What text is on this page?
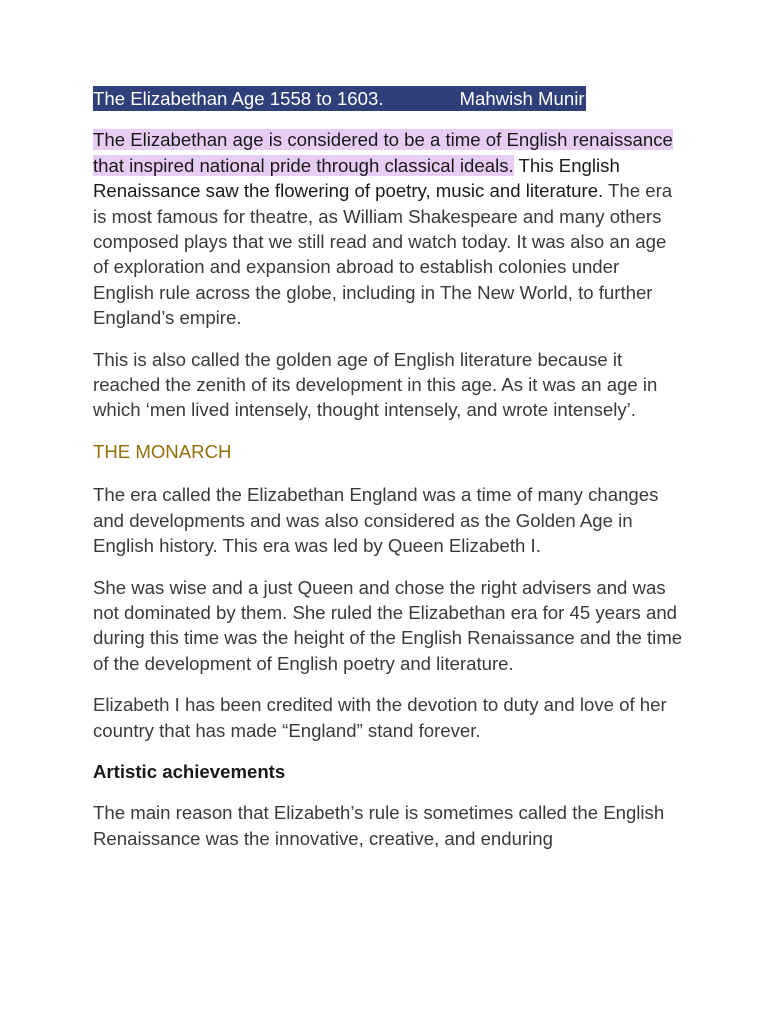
The Elizabethan Age 1558 to 1603.	Mahwish Munir

The Elizabethan age is considered to be a time of English renaissance that inspired national pride through classical ideals. This English Renaissance saw the flowering of poetry, music and literature. The era is most famous for theatre, as William Shakespeare and many others composed plays that we still read and watch today. It was also an age of exploration and expansion abroad to establish colonies under English rule across the globe, including in The New World, to further England’s empire.

This is also called the golden age of English literature because it reached the zenith of its development in this age. As it was an age in which ‘men lived intensely, thought intensely, and wrote intensely’.

THE MONARCH

The era called the Elizabethan England was a time of many changes and developments and was also considered as the Golden Age in English history. This era was led by Queen Elizabeth I.

She was wise and a just Queen and chose the right advisers and was not dominated by them. She ruled the Elizabethan era for 45 years and during this time was the height of the English Renaissance and the time of the development of English poetry and literature.

Elizabeth I has been credited with the devotion to duty and love of her country that has made “England” stand forever.

Artistic achievements

The main reason that Elizabeth’s rule is sometimes called the English Renaissance was the innovative, creative, and enduring
